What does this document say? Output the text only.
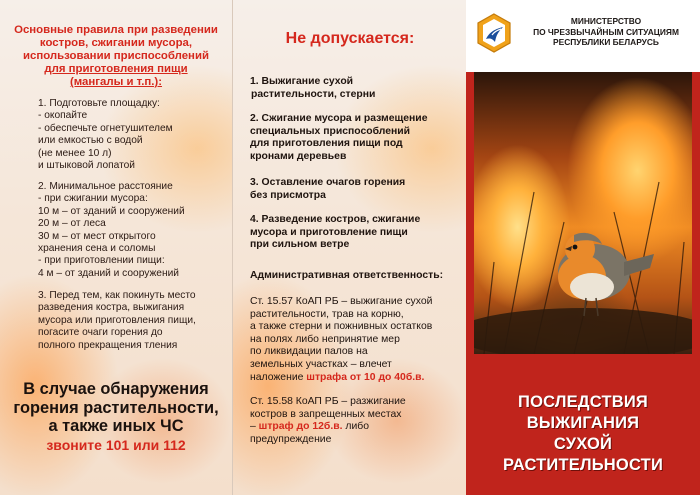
Основные правила при разведении
костров, сжигании мусора,
использовании приспособлений
для приготовления пищи
(мангалы и т.п.):
1. Подготовьте площадку:
- окопайте
- обеспечьте огнетушителем
или емкостью с водой
(не менее 10 л)
и штыковой лопатой
2. Минимальное расстояние
- при сжигании мусора:
10 м – от зданий и сооружений
20 м – от леса
30 м – от мест открытого
хранения сена и соломы
- при приготовлении пищи:
4 м – от зданий и сооружений
3. Перед тем, как покинуть место
разведения костра, выжигания
мусора или приготовления пищи,
погасите очаги горения до
полного прекращения тления
В случае обнаружения
горения растительности,
а также иных ЧС
звоните 101 или 112
Не допускается:
1. Выжигание сухой
растительности, стерни
2. Сжигание мусора и размещение
специальных приспособлений
для приготовления пищи под
кронами деревьев
3. Оставление очагов горения
без присмотра
4. Разведение костров, сжигание
мусора и приготовление пищи
при сильном ветре
Административная ответственность:
Ст. 15.57 КоАП РБ – выжигание сухой
растительности, трав на корню,
а также стерни и пожнивных остатков
на полях либо непринятие мер
по ликвидации палов на
земельных участках – влечет
наложение штрафа от 10 до 40б.в.
Ст. 15.58 КоАП РБ – разжигание
костров в запрещенных местах
– штраф до 12б.в. либо
предупреждение
МИНИСТЕРСТВО
ПО ЧРЕЗВЫЧАЙНЫМ СИТУАЦИЯМ
РЕСПУБЛИКИ БЕЛАРУСЬ
ПОСЛЕДСТВИЯ ВЫЖИГАНИЯ
СУХОЙ РАСТИТЕЛЬНОСТИ
